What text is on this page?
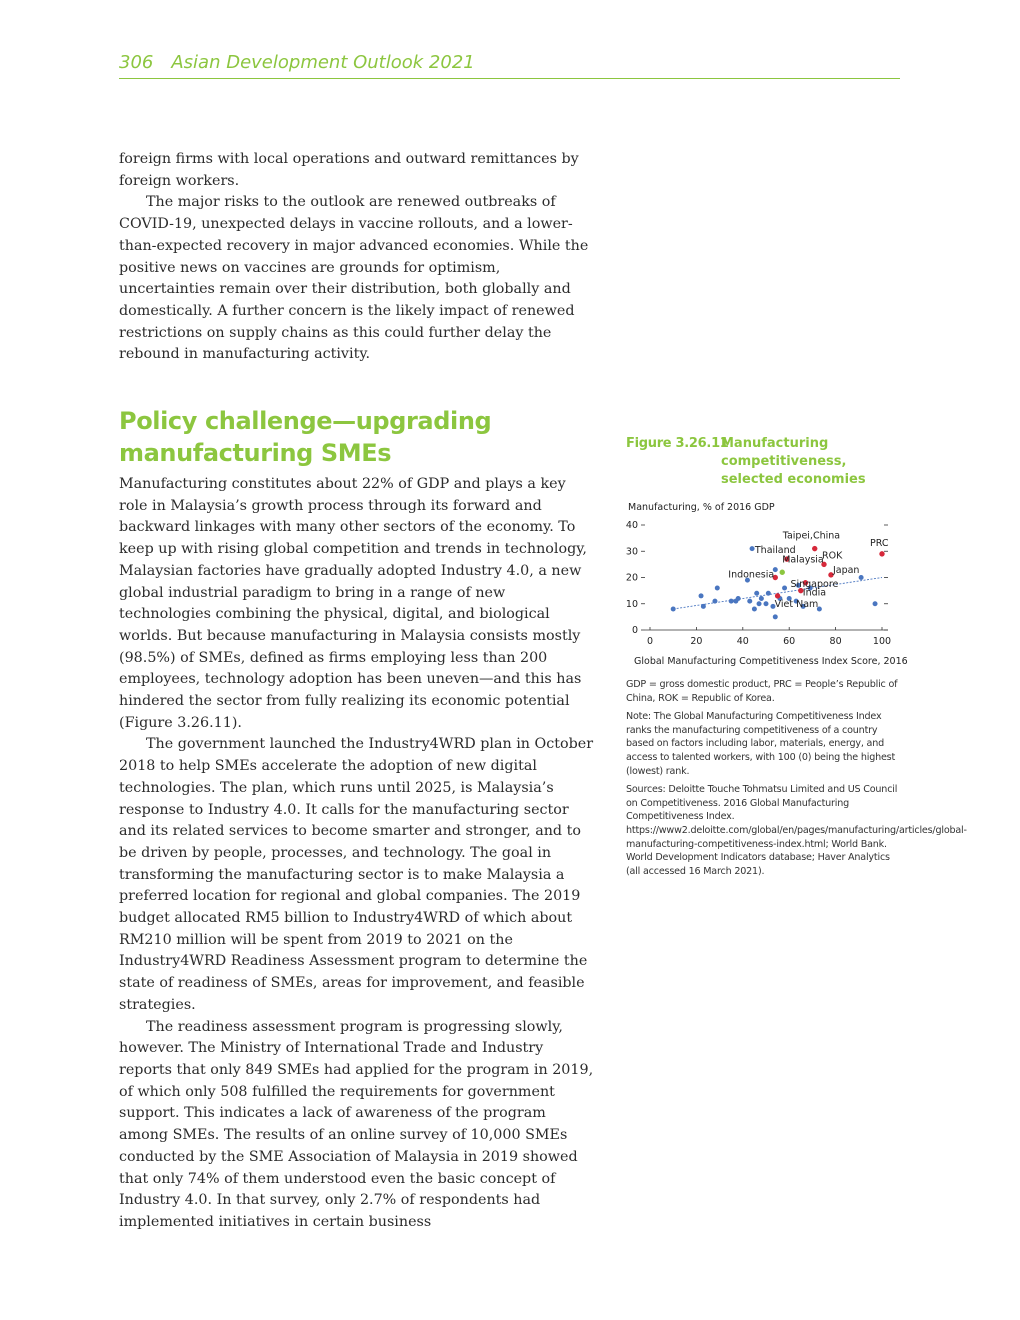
306 Asian Development Outlook 2021

foreign firms with local operations and outward remittances by foreign workers.

The major risks to the outlook are renewed outbreaks of COVID-19, unexpected delays in vaccine rollouts, and a lower-than-expected recovery in major advanced economies. While the positive news on vaccines are grounds for optimism, uncertainties remain over their distribution, both globally and domestically. A further concern is the likely impact of renewed restrictions on supply chains as this could further delay the rebound in manufacturing activity.

Policy challenge—upgrading manufacturing SMEs

Manufacturing constitutes about 22% of GDP and plays a key role in Malaysia’s growth process through its forward and backward linkages with many other sectors of the economy. To keep up with rising global competition and trends in technology, Malaysian factories have gradually adopted Industry 4.0, a new global industrial paradigm to bring in a range of new technologies combining the physical, digital, and biological worlds. But because manufacturing in Malaysia consists mostly (98.5%) of SMEs, defined as firms employing less than 200 employees, technology adoption has been uneven—and this has hindered the sector from fully realizing its economic potential (Figure 3.26.11).

The government launched the Industry4WRD plan in October 2018 to help SMEs accelerate the adoption of new digital technologies. The plan, which runs until 2025, is Malaysia’s response to Industry 4.0. It calls for the manufacturing sector and its related services to become smarter and stronger, and to be driven by people, processes, and technology. The goal in transforming the manufacturing sector is to make Malaysia a preferred location for regional and global companies. The 2019 budget allocated RM5 billion to Industry4WRD of which about RM210 million will be spent from 2019 to 2021 on the Industry4WRD Readiness Assessment program to determine the state of readiness of SMEs, areas for improvement, and feasible strategies.

The readiness assessment program is progressing slowly, however. The Ministry of International Trade and Industry reports that only 849 SMEs had applied for the program in 2019, of which only 508 fulfilled the requirements for government support. This indicates a lack of awareness of the program among SMEs. The results of an online survey of 10,000 SMEs conducted by the SME Association of Malaysia in 2019 showed that only 74% of them understood even the basic concept of Industry 4.0. In that survey, only 2.7% of respondents had implemented initiatives in certain business

Figure 3.26.11
Manufacturing competitiveness, selected economies
Manufacturing, % of 2016 GDP
0	20	40	60	80	100
0
10
20
30
40
PRC
Taipei,China
ROK
Thailand
Japan
Indonesia
Malaysia
Singapore
India
Viet Nam
Global Manufacturing Competitiveness Index Score, 2016

GDP = gross domestic product, PRC = People’s Republic of China, ROK = Republic of Korea.

Note: The Global Manufacturing Competitiveness Index ranks the manufacturing competitiveness of a country based on factors including labor, materials, energy, and access to talented workers, with 100 (0) being the highest (lowest) rank.

Sources: Deloitte Touche Tohmatsu Limited and US Council on Competitiveness. 2016 Global Manufacturing Competitiveness Index. https://www2.deloitte.com/global/en/pages/manufacturing/articles/global-manufacturing-competitiveness-index.html; World Bank. World Development Indicators database; Haver Analytics (all accessed 16 March 2021).
